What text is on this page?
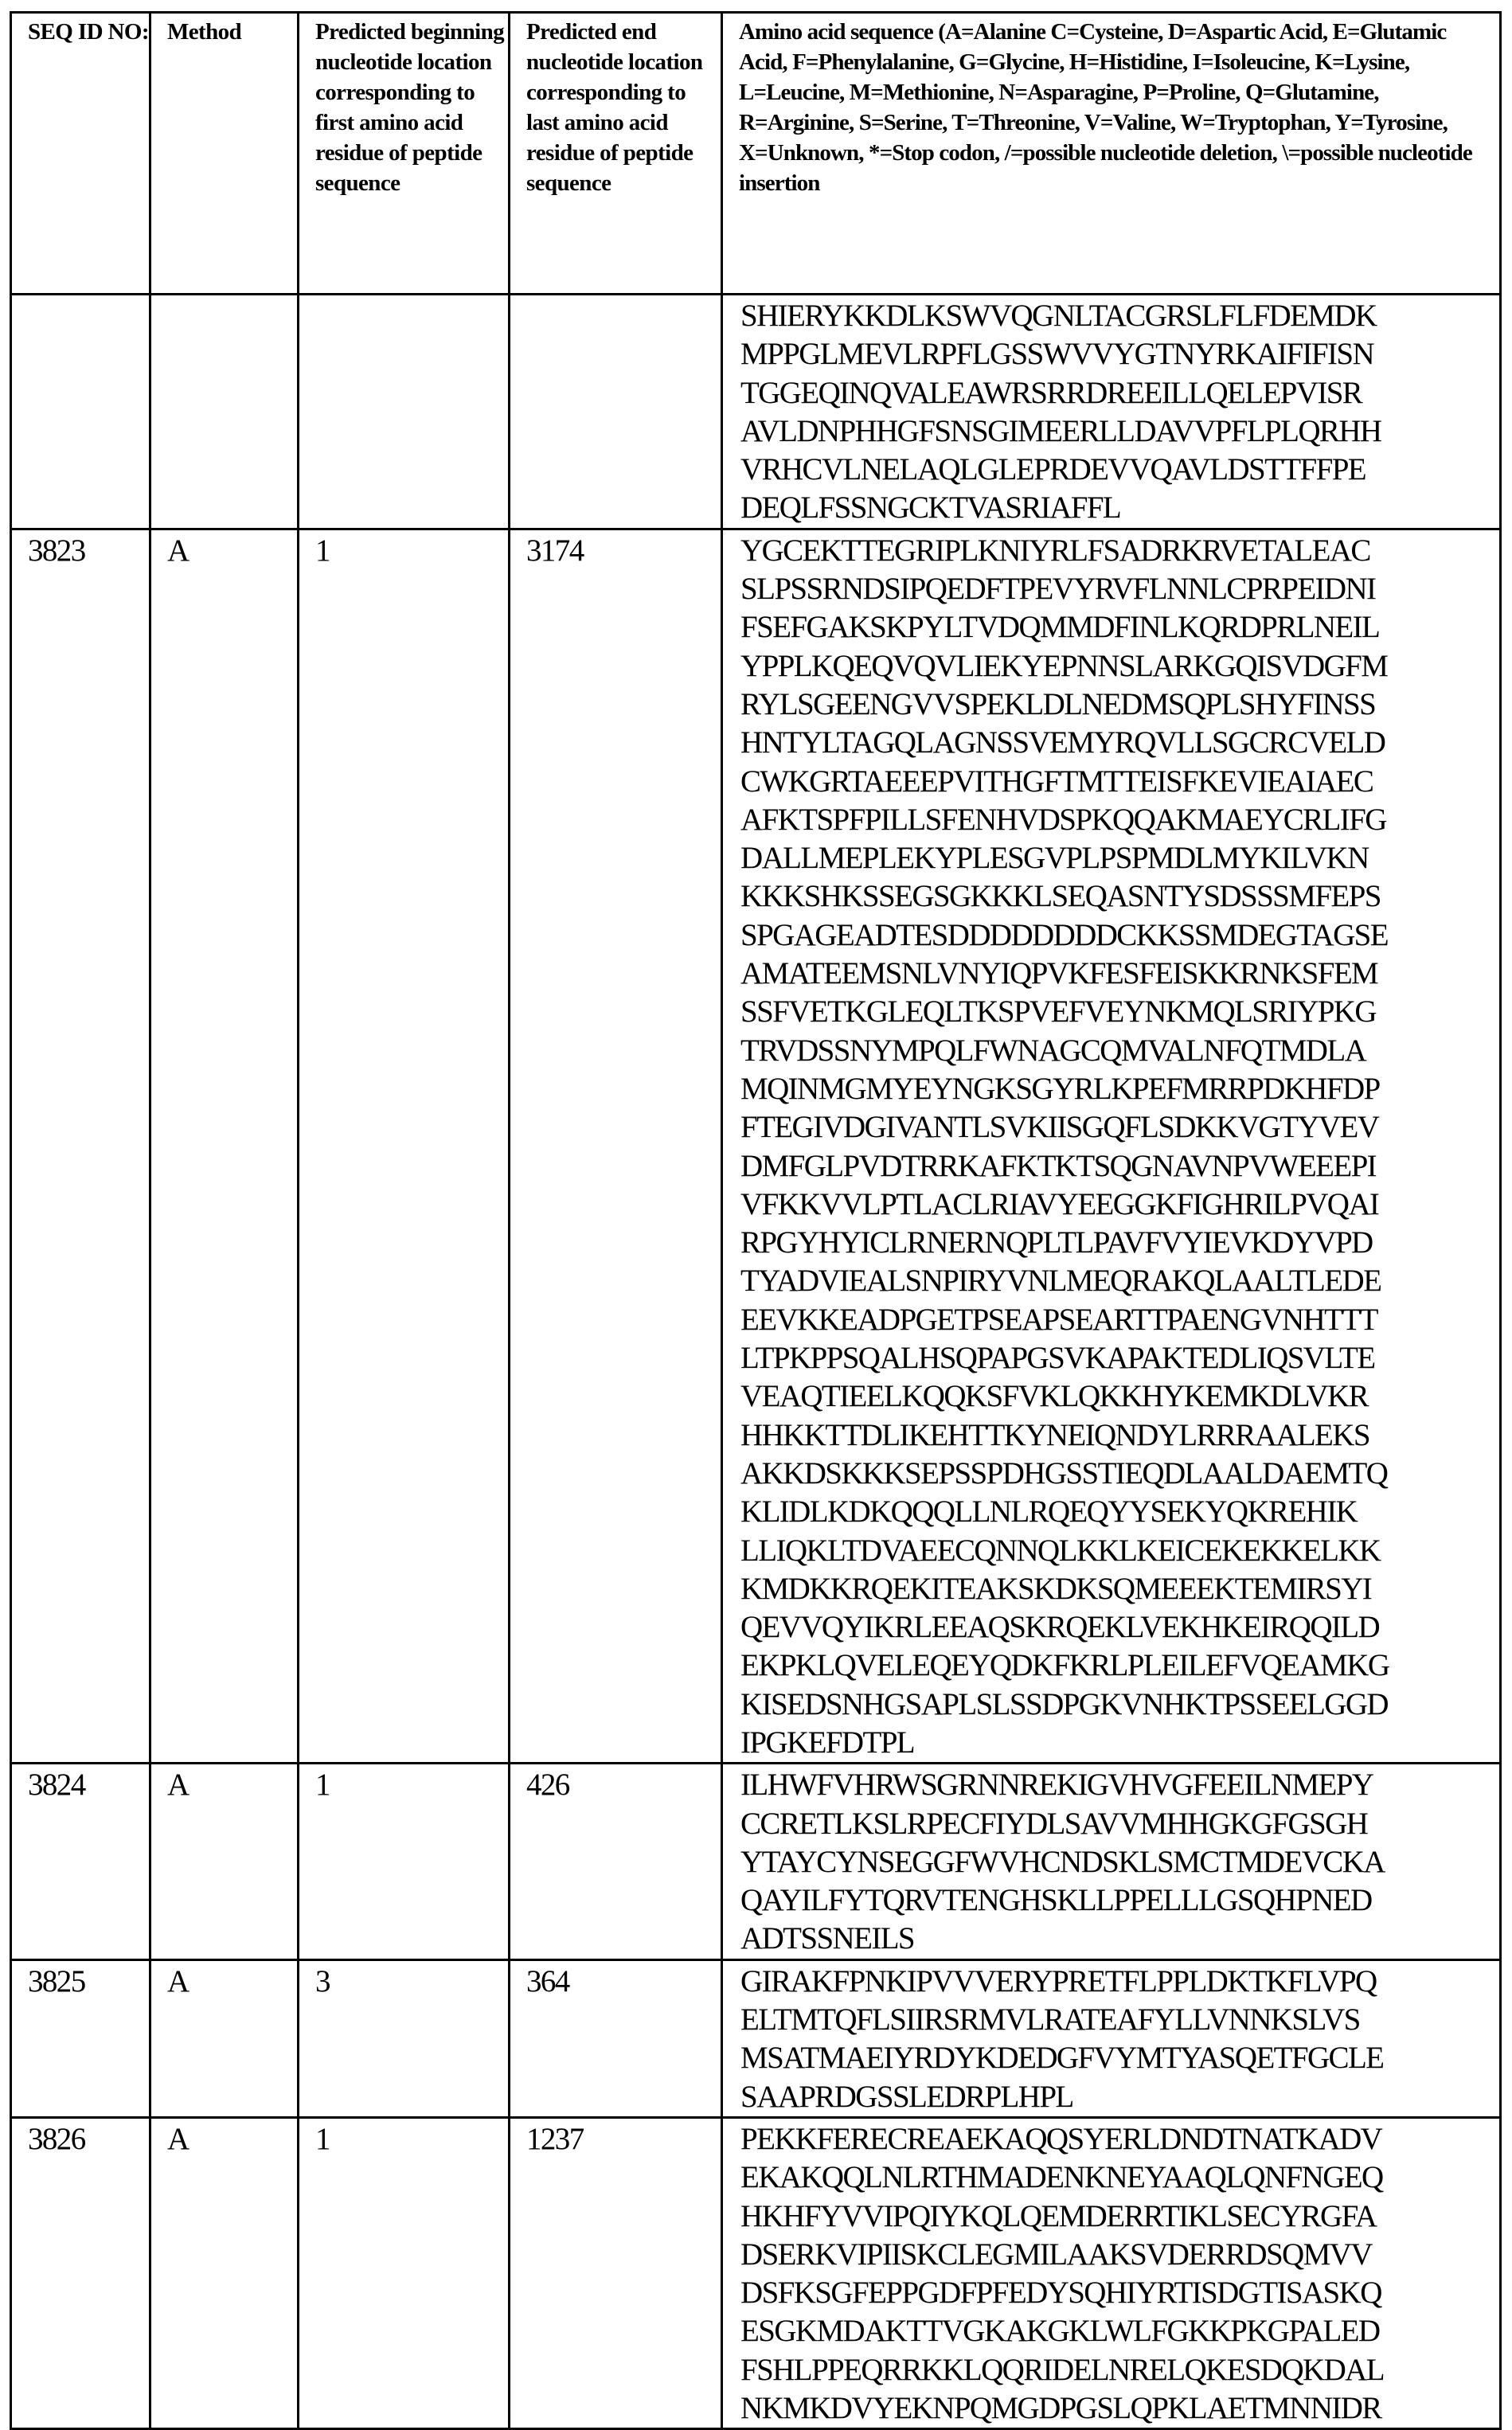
SEQ ID NO:	Method	Predicted beginning nucleotide location corresponding to first amino acid residue of peptide sequence	Predicted end nucleotide location corresponding to last amino acid residue of peptide sequence	Amino acid sequence (A=Alanine C=Cysteine, D=Aspartic Acid, E=Glutamic Acid, F=Phenylalanine, G=Glycine, H=Histidine, I=Isoleucine, K=Lysine, L=Leucine, M=Methionine, N=Asparagine, P=Proline, Q=Glutamine, R=Arginine, S=Serine, T=Threonine, V=Valine, W=Tryptophan, Y=Tyrosine, X=Unknown, *=Stop codon, /=possible nucleotide deletion, \=possible nucleotide insertion

SHIERYKKDLKSWVQGNLTACGRSLFLFDEMDK
MPPGLMEVLRPFLGSSWVVYGTNYRKAIFIFISN
TGGEQINQVALEAWRSRRDREEILLQELEPVISR
AVLDNPHHGFSNSGIMEERLLDAVVPFLPLQRHH
VRHCVLNELAQLGLEPRDEVVQAVLDSTTFFPE
DEQLFSSNGCKTVASRIAFFL

3823	A	1	3174	YGCEKTTEGRIPLKNIYRLFSADRKRVETALEAC
SLPSSRNDSIPQEDFTPEVYRVFLNNLCPRPEIDNI
FSEFGAKSKPYLTVDQMMDFINLKQRDPRLNEIL
YPPLKQEQVQVLIEKYEPNNSLARKGQISVDGFM
RYLSGEENGVVSPEKLDLNEDMSQPLSHYFINSS
HNTYLTAGQLAGNSSVEMYRQVLLSGCRCVELD
CWKGRTAEEEPVITHGFTMTTEISFKEVIEAIAEC
AFKTSPFPILLSFENHVDSPKQQAKMAEYCRLIFG
DALLMEPLEKYPLESGVPLPSPMDLMYKILVKN
KKKSHKSSEGSGKKKLSEQASNTYSDSSSMFEPS
SPGAGEADTESDDDDDDDDCKKSSMDEGTAGSE
AMATEEMSNLVNYIQPVKFESFEISKKRNKSFEM
SSFVETKGLEQLTKSPVEFVEYNKMQLSRIYPKG
TRVDSSNYMPQLFWNAGCQMVALNFQTMDLA
MQINMGMYEYNGKSGYRLKPEFMRRPDKHFDP
FTEGIVDGIVANTLSVKIISGQFLSDKKVGTYVEV
DMFGLPVDTRRKAFKTKTSQGNAVNPVWEEEPI
VFKKVVLPTLACLRIAVYEEGGKFIGHRILPVQAI
RPGYHYICLRNERNQPLTLPAVFVYIEVKDYVPD
TYADVIEALSNPIRYVNLMEQRAKQLAALTLEDE
EEVKKEADPGETPSEAPSEARTTPAENGVNHTTT
LTPKPPSQALHSQPAPGSVKAPAKTEDLIQSVLTE
VEAQTIEELKQQKSFVKLQKKHYKEMKDLVKR
HHKKTTDLIKEHTTKYNEIQNDYLRRRAALEKS
AKKDSKKKSEPSSPDHGSSTIEQDLAALDAEMTQ
KLIDLKDKQQQLLNLRQEQYYSEKYQKREHIK
LLIQKLTDVAEECQNNQLKKLKEICEKEKKELKK
KMDKKRQEKITEAKSKDKSQMEEEKTEMIRSYI
QEVVQYIKRLEEAQSKRQEKLVEKHKEIRQQILD
EKPKLQVELEQEYQDKFKRLPLEILEFVQEAMKG
KISEDSNHGSAPLSLSSDPGKVNHKTPSSEELGGD
IPGKEFDTPL

3824	A	1	426	ILHWFVHRWSGRNNREKIGVHVGFEEILNMEPY
CCRETLKSLRPECFIYDLSAVVMHHGKGFGSGH
YTAYCYNSEGGFWVHCNDSKLSMCTMDEVCKA
QAYILFYTQRVTENGHSKLLPPELLLGSQHPNED
ADTSSNEILS

3825	A	3	364	GIRAKFPNKIPVVVERYPRETFLPPLDKTKFLVPQ
ELTMTQFLSIIRSRMVLRATEAFYLLVNNKSLVS
MSATMAEIYRDYKDEDGFVYMTYASQETFGCLE
SAAPRDGSSLEDRPLHPL

3826	A	1	1237	PEKKFERECREAEKAQQSYERLDNDTNATKADV
EKAKQQLNLRTHMADENKNEYAAQLQNFNGEQ
HKHFYVVIPQIYKQLQEMDERRTIKLSECYRGFA
DSERKVIPIISKCLEGMILAAKSVDERRDSQMVV
DSFKSGFEPPGDFPFEDYSQHIYRTISDGTISASKQ
ESGKMDAKTTVGKAKGKLWLFGKKPKGPALED
FSHLPPEQRRKKLQQRIDELNRELQKESDQKDAL
NKMKDVYEKNPQMGDPGSLQPKLAETMNNIDR
